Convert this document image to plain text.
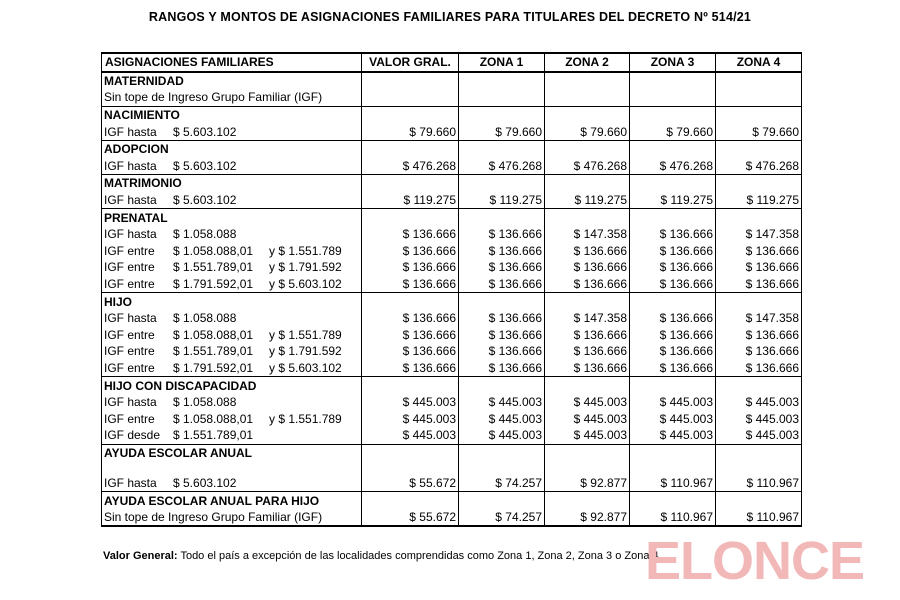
RANGOS Y MONTOS DE ASIGNACIONES FAMILIARES PARA TITULARES DEL DECRETO Nº 514/21
ASIGNACIONES FAMILIARES	VALOR GRAL.	ZONA 1	ZONA 2	ZONA 3	ZONA 4
MATERNIDAD					
Sin tope de Ingreso Grupo Familiar (IGF)					
NACIMIENTO					
IGF hasta $ 5.603.102	$ 79.660	$ 79.660	$ 79.660	$ 79.660	$ 79.660
ADOPCION					
IGF hasta $ 5.603.102	$ 476.268	$ 476.268	$ 476.268	$ 476.268	$ 476.268
MATRIMONIO					
IGF hasta $ 5.603.102	$ 119.275	$ 119.275	$ 119.275	$ 119.275	$ 119.275
PRENATAL					
IGF hasta $ 1.058.088	$ 136.666	$ 136.666	$ 147.358	$ 136.666	$ 147.358
IGF entre $ 1.058.088,01 y $ 1.551.789	$ 136.666	$ 136.666	$ 136.666	$ 136.666	$ 136.666
IGF entre $ 1.551.789,01 y $ 1.791.592	$ 136.666	$ 136.666	$ 136.666	$ 136.666	$ 136.666
IGF entre $ 1.791.592,01 y $ 5.603.102	$ 136.666	$ 136.666	$ 136.666	$ 136.666	$ 136.666
HIJO					
IGF hasta $ 1.058.088	$ 136.666	$ 136.666	$ 147.358	$ 136.666	$ 147.358
IGF entre $ 1.058.088,01 y $ 1.551.789	$ 136.666	$ 136.666	$ 136.666	$ 136.666	$ 136.666
IGF entre $ 1.551.789,01 y $ 1.791.592	$ 136.666	$ 136.666	$ 136.666	$ 136.666	$ 136.666
IGF entre $ 1.791.592,01 y $ 5.603.102	$ 136.666	$ 136.666	$ 136.666	$ 136.666	$ 136.666
HIJO CON DISCAPACIDAD					
IGF hasta $ 1.058.088	$ 445.003	$ 445.003	$ 445.003	$ 445.003	$ 445.003
IGF entre $ 1.058.088,01 y $ 1.551.789	$ 445.003	$ 445.003	$ 445.003	$ 445.003	$ 445.003
IGF desde $ 1.551.789,01	$ 445.003	$ 445.003	$ 445.003	$ 445.003	$ 445.003
AYUDA ESCOLAR ANUAL					
IGF hasta $ 5.603.102	$ 55.672	$ 74.257	$ 92.877	$ 110.967	$ 110.967
AYUDA ESCOLAR ANUAL PARA HIJO					
Sin tope de Ingreso Grupo Familiar (IGF)	$ 55.672	$ 74.257	$ 92.877	$ 110.967	$ 110.967
Valor General: Todo el país a excepción de las localidades comprendidas como Zona 1, Zona 2, Zona 3 o Zona 4.
ELONCE
